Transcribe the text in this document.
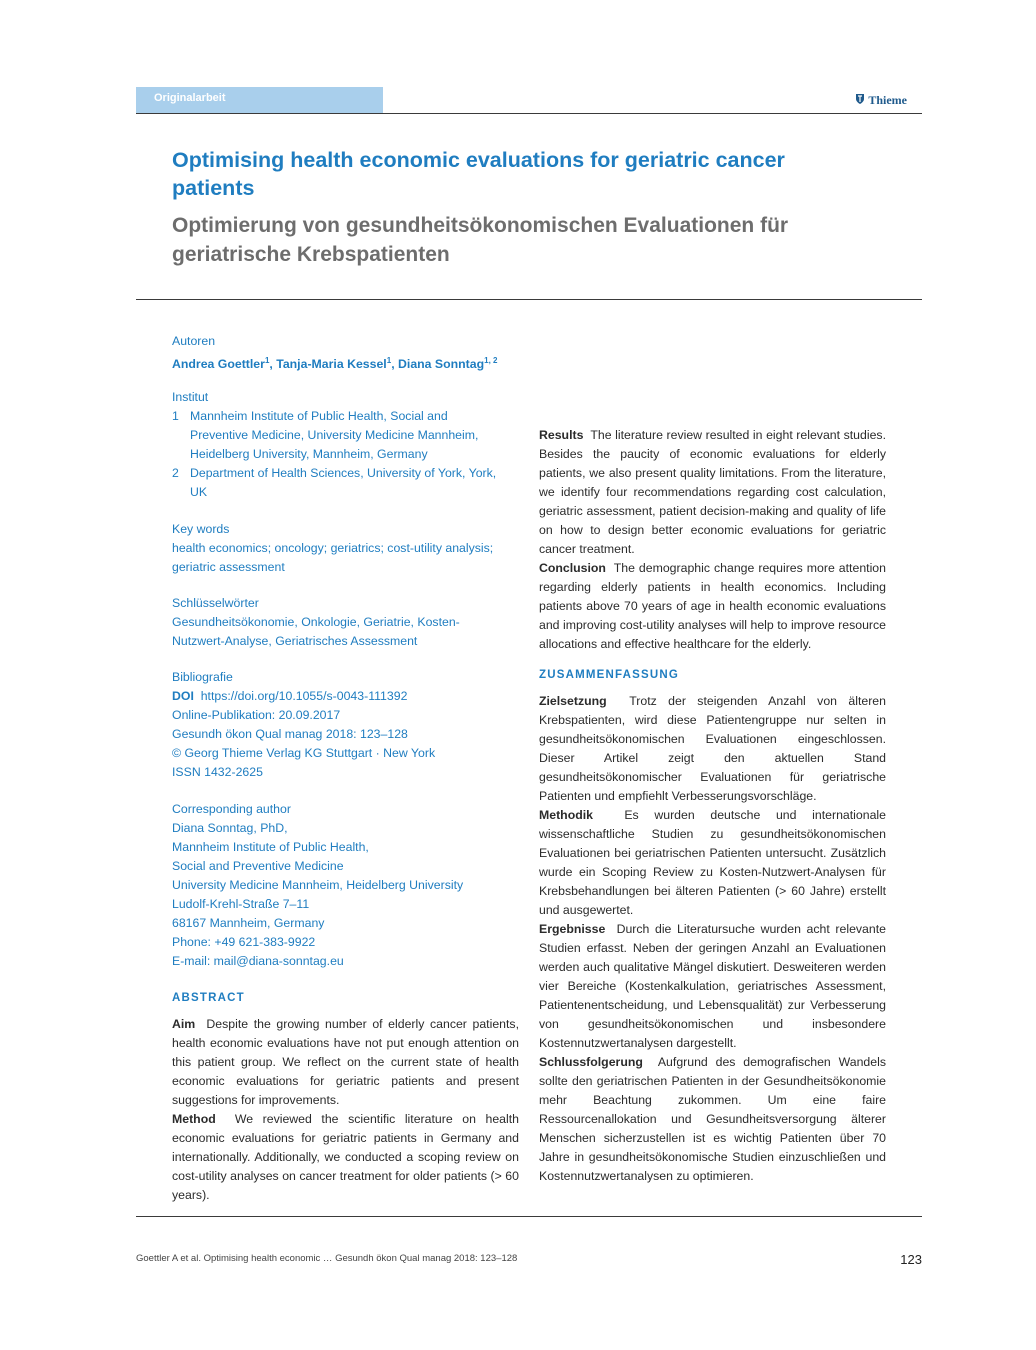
Originalarbeit	Thieme
Optimising health economic evaluations for geriatric cancer patients
Optimierung von gesundheitsökonomischen Evaluationen für geriatrische Krebspatienten
Autoren
Andrea Goettler$^1$, Tanja-Maria Kessel$^1$, Diana Sonntag$^{1, 2}$
Institut
1 Mannheim Institute of Public Health, Social and Preventive Medicine, University Medicine Mannheim, Heidelberg University, Mannheim, Germany
2 Department of Health Sciences, University of York, York, UK
Key words
health economics; oncology; geriatrics; cost-utility analysis; geriatric assessment
Schlüsselwörter
Gesundheitsökonomie, Onkologie, Geriatrie, Kosten-Nutzwert-Analyse, Geriatrisches Assessment
Bibliografie
DOI https://doi.org/10.1055/s-0043-111392
Online-Publikation: 20.09.2017
Gesundh ökon Qual manag 2018: 123–128
© Georg Thieme Verlag KG Stuttgart · New York
ISSN 1432-2625
Corresponding author
Diana Sonntag, PhD,
Mannheim Institute of Public Health,
Social and Preventive Medicine
University Medicine Mannheim, Heidelberg University
Ludolf-Krehl-Straße 7–11
68167 Mannheim, Germany
Phone: +49 621-383-9922
E-mail: mail@diana-sonntag.eu
ABSTRACT
Aim Despite the growing number of elderly cancer patients, health economic evaluations have not put enough attention on this patient group. We reflect on the current state of health economic evaluations for geriatric patients and present suggestions for improvements.
Method We reviewed the scientific literature on health economic evaluations for geriatric patients in Germany and internationally. Additionally, we conducted a scoping review on cost-utility analyses on cancer treatment for older patients (> 60 years).
Results The literature review resulted in eight relevant studies. Besides the paucity of economic evaluations for elderly patients, we also present quality limitations. From the literature, we identify four recommendations regarding cost calculation, geriatric assessment, patient decision-making and quality of life on how to design better economic evaluations for geriatric cancer treatment.
Conclusion The demographic change requires more attention regarding elderly patients in health economics. Including patients above 70 years of age in health economic evaluations and improving cost-utility analyses will help to improve resource allocations and effective healthcare for the elderly.
ZUSAMMENFASSUNG
Zielsetzung Trotz der steigenden Anzahl von älteren Krebspatienten, wird diese Patientengruppe nur selten in gesundheitsökonomischen Evaluationen eingeschlossen. Dieser Artikel zeigt den aktuellen Stand gesundheitsökonomischer Evaluationen für geriatrische Patienten und empfiehlt Verbesserungsvorschläge.
Methodik	Es wurden deutsche und internationale wissenschaftliche Studien zu gesundheitsökonomischen Evaluationen bei geriatrischen Patienten untersucht. Zusätzlich wurde ein Scoping Review zu Kosten-Nutzwert-Analysen für Krebsbehandlungen bei älteren Patienten (> 60 Jahre) erstellt und ausgewertet.
Ergebnisse Durch die Literatursuche wurden acht relevante Studien erfasst. Neben der geringen Anzahl an Evaluationen werden auch qualitative Mängel diskutiert. Desweiteren werden vier Bereiche (Kostenkalkulation, geriatrisches Assessment, Patientenentscheidung, und Lebensqualität) zur Verbesserung von gesundheitsökonomischen und insbesondere Kostennutzwertanalysen dargestellt.
Schlussfolgerung Aufgrund des demografischen Wandels sollte den geriatrischen Patienten in der Gesundheitsökonomie mehr Beachtung zukommen. Um eine faire Ressourcenallokation und Gesundheitsversorgung älterer Menschen sicherzustellen ist es wichtig Patienten über 70 Jahre in gesundheitsökonomische Studien einzuschließen und Kostennutzwertanalysen zu optimieren.
Goettler A et al. Optimising health economic … Gesundh ökon Qual manag 2018: 123–128	123
